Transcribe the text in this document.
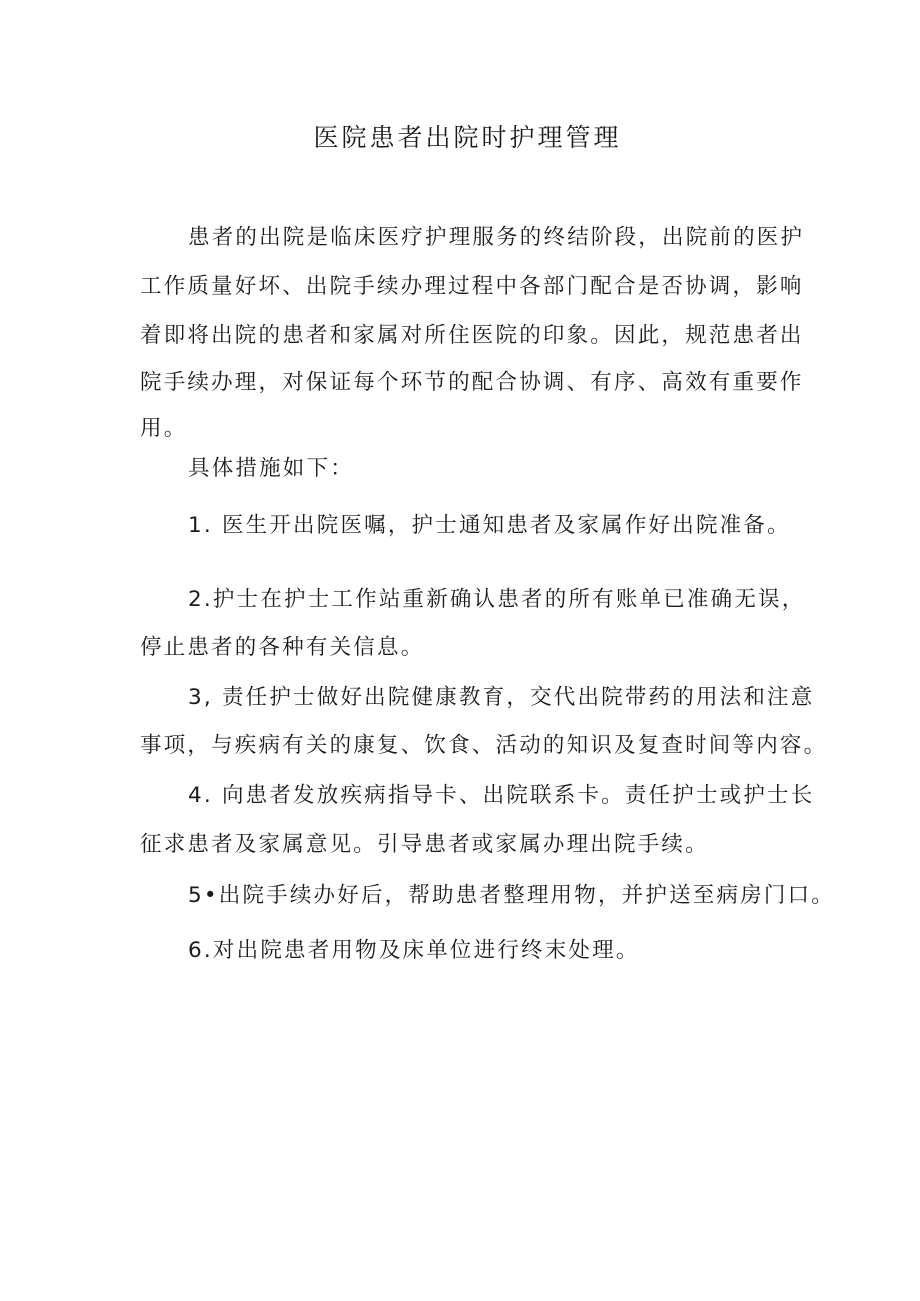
医院患者出院时护理管理

患者的出院是临床医疗护理服务的终结阶段，出院前的医护

工作质量好坏、出院手续办理过程中各部门配合是否协调，影响

着即将出院的患者和家属对所住医院的印象。因此，规范患者出

院手续办理，对保证每个环节的配合协调、有序、高效有重要作

用。

具体措施如下：

1. 医生开出院医嘱，护士通知患者及家属作好出院准备。

2.护士在护士工作站重新确认患者的所有账单已准确无误，

停止患者的各种有关信息。

3, 责任护士做好出院健康教育，交代出院带药的用法和注意

事项，与疾病有关的康复、饮食、活动的知识及复查时间等内容。

4. 向患者发放疾病指导卡、出院联系卡。责任护士或护士长

征求患者及家属意见。引导患者或家属办理出院手续。

5•出院手续办好后，帮助患者整理用物，并护送至病房门口。

6.对出院患者用物及床单位进行终末处理。
